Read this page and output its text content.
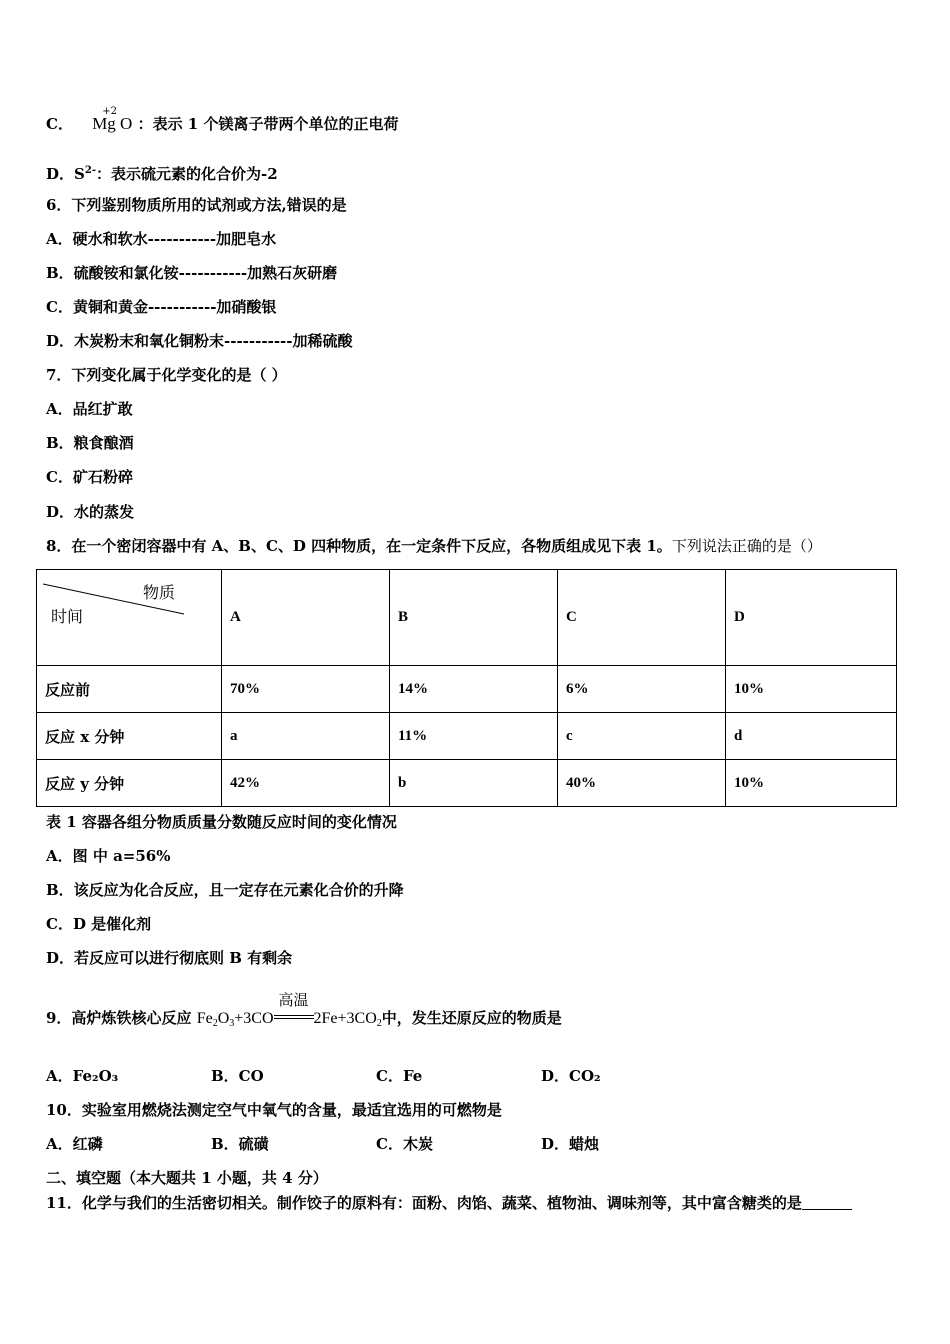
C．
+2
Mg O ：表示 1 个镁离子带两个单位的正电荷
D．$S^{2-}$：表示硫元素的化合价为-2
6．下列鉴别物质所用的试剂或方法,错误的是
A．硬水和软水-----------加肥皂水
B．硫酸铵和氯化铵-----------加熟石灰研磨
C．黄铜和黄金-----------加硝酸银
D．木炭粉末和氧化铜粉末-----------加稀硫酸
7．下列变化属于化学变化的是（ ）
A．品红扩敢
B．粮食酿酒
C．矿石粉碎
D．水的蒸发
8．在一个密闭容器中有 A、B、C、D 四种物质，在一定条件下反应，各物质组成见下表 1。下列说法正确的是（）
物质
时间	A	B	C	D
反应前	70%	14%	6%	10%
反应 x 分钟	a	11%	c	d
反应 y 分钟	42%	b	40%	10%
表 1 容器各组分物质质量分数随反应时间的变化情况
A．图 中 a=56%
B．该反应为化合反应，且一定存在元素化合价的升降
C．D 是催化剂
D．若反应可以进行彻底则 B 有剩余
9．高炉炼铁核心反应 $Fe_2O_3+3CO$
高温
$2Fe+3CO_2$中，发生还原反应的物质是
A．Fe₂O₃	B．CO	C．Fe	D．CO₂
10．实验室用燃烧法测定空气中氧气的含量，最适宜选用的可燃物是
A．红磷	B．硫磺	C．木炭	D．蜡烛
二、填空题（本大题共 1 小题，共 4 分）
11．化学与我们的生活密切相关。制作饺子的原料有：面粉、肉馅、蔬菜、植物油、调味剂等，其中富含糖类的是
